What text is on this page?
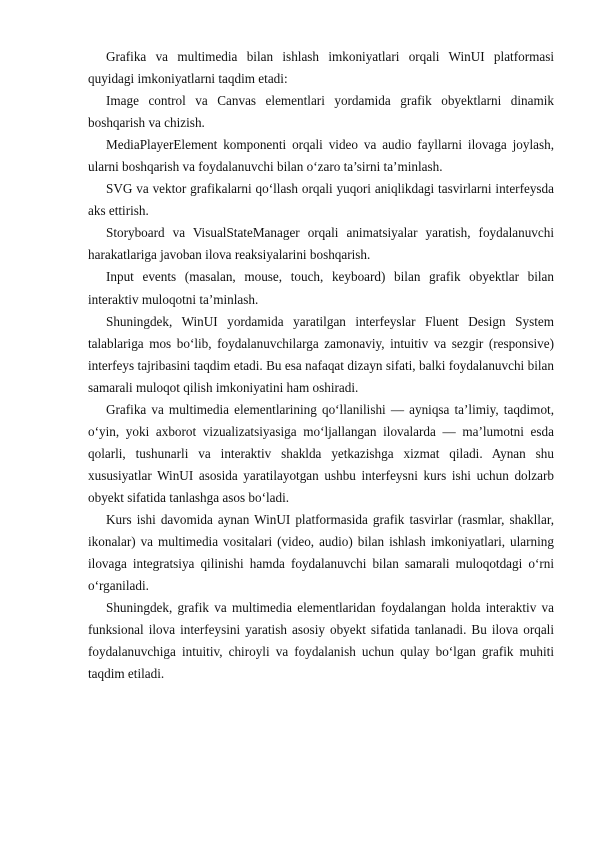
Grafika va multimedia bilan ishlash imkoniyatlari orqali WinUI platformasi quyidagi imkoniyatlarni taqdim etadi:

Image control va Canvas elementlari yordamida grafik obyektlarni dinamik boshqarish va chizish.

MediaPlayerElement komponenti orqali video va audio fayllarni ilovaga joylash, ularni boshqarish va foydalanuvchi bilan o‘zaro ta’sirni ta’minlash.

SVG va vektor grafikalarni qo‘llash orqali yuqori aniqlikdagi tasvirlarni interfeysda aks ettirish.

Storyboard va VisualStateManager orqali animatsiyalar yaratish, foydalanuvchi harakatlariga javoban ilova reaksiyalarini boshqarish.

Input events (masalan, mouse, touch, keyboard) bilan grafik obyektlar bilan interaktiv muloqotni ta’minlash.

Shuningdek, WinUI yordamida yaratilgan interfeyslar Fluent Design System talablariga mos bo‘lib, foydalanuvchilarga zamonaviy, intuitiv va sezgir (responsive) interfeys tajribasini taqdim etadi. Bu esa nafaqat dizayn sifati, balki foydalanuvchi bilan samarali muloqot qilish imkoniyatini ham oshiradi.

Grafika va multimedia elementlarining qo‘llanilishi — ayniqsa ta’limiy, taqdimot, o‘yin, yoki axborot vizualizatsiyasiga mo‘ljallangan ilovalarda — ma’lumotni esda qolarli, tushunarli va interaktiv shaklda yetkazishga xizmat qiladi. Aynan shu xususiyatlar WinUI asosida yaratilayotgan ushbu interfeysni kurs ishi uchun dolzarb obyekt sifatida tanlashga asos bo‘ladi.

Kurs ishi davomida aynan WinUI platformasida grafik tasvirlar (rasmlar, shakllar, ikonalar) va multimedia vositalari (video, audio) bilan ishlash imkoniyatlari, ularning ilovaga integratsiya qilinishi hamda foydalanuvchi bilan samarali muloqotdagi o‘rni o‘rganiladi.

Shuningdek, grafik va multimedia elementlaridan foydalangan holda interaktiv va funksional ilova interfeysini yaratish asosiy obyekt sifatida tanlanadi. Bu ilova orqali foydalanuvchiga intuitiv, chiroyli va foydalanish uchun qulay bo‘lgan grafik muhiti taqdim etiladi.
